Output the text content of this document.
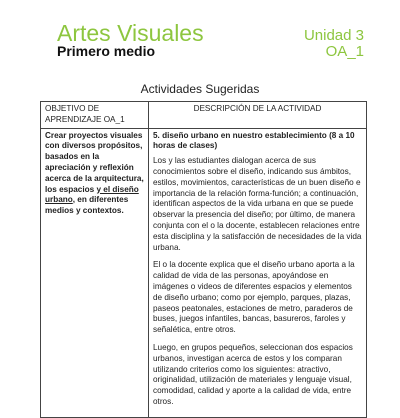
Artes Visuales
Primero medio
Unidad 3
OA_1
Actividades Sugeridas
OBJETIVO DE APRENDIZAJE OA_1	DESCRIPCIÓN DE LA ACTIVIDAD
Crear proyectos visuales con diversos propósitos, basados en la apreciación y reflexión acerca de la arquitectura, los espacios y el diseño urbano, en diferentes medios y contextos.	5. diseño urbano en nuestro establecimiento (8 a 10 horas de clases)
Los y las estudiantes dialogan acerca de sus conocimientos sobre el diseño, indicando sus ámbitos, estilos, movimientos, características de un buen diseño e importancia de la relación forma-función; a continuación, identifican aspectos de la vida urbana en que se puede observar la presencia del diseño; por último, de manera conjunta con el o la docente, establecen relaciones entre esta disciplina y la satisfacción de necesidades de la vida urbana.
El o la docente explica que el diseño urbano aporta a la calidad de vida de las personas, apoyándose en imágenes o videos de diferentes espacios y elementos de diseño urbano; como por ejemplo, parques, plazas, paseos peatonales, estaciones de metro, paraderos de buses, juegos infantiles, bancas, basureros, faroles y señalética, entre otros.
Luego, en grupos pequeños, seleccionan dos espacios urbanos, investigan acerca de estos y los comparan utilizando criterios como los siguientes: atractivo, originalidad, utilización de materiales y lenguaje visual, comodidad, calidad y aporte a la calidad de vida, entre otros.
